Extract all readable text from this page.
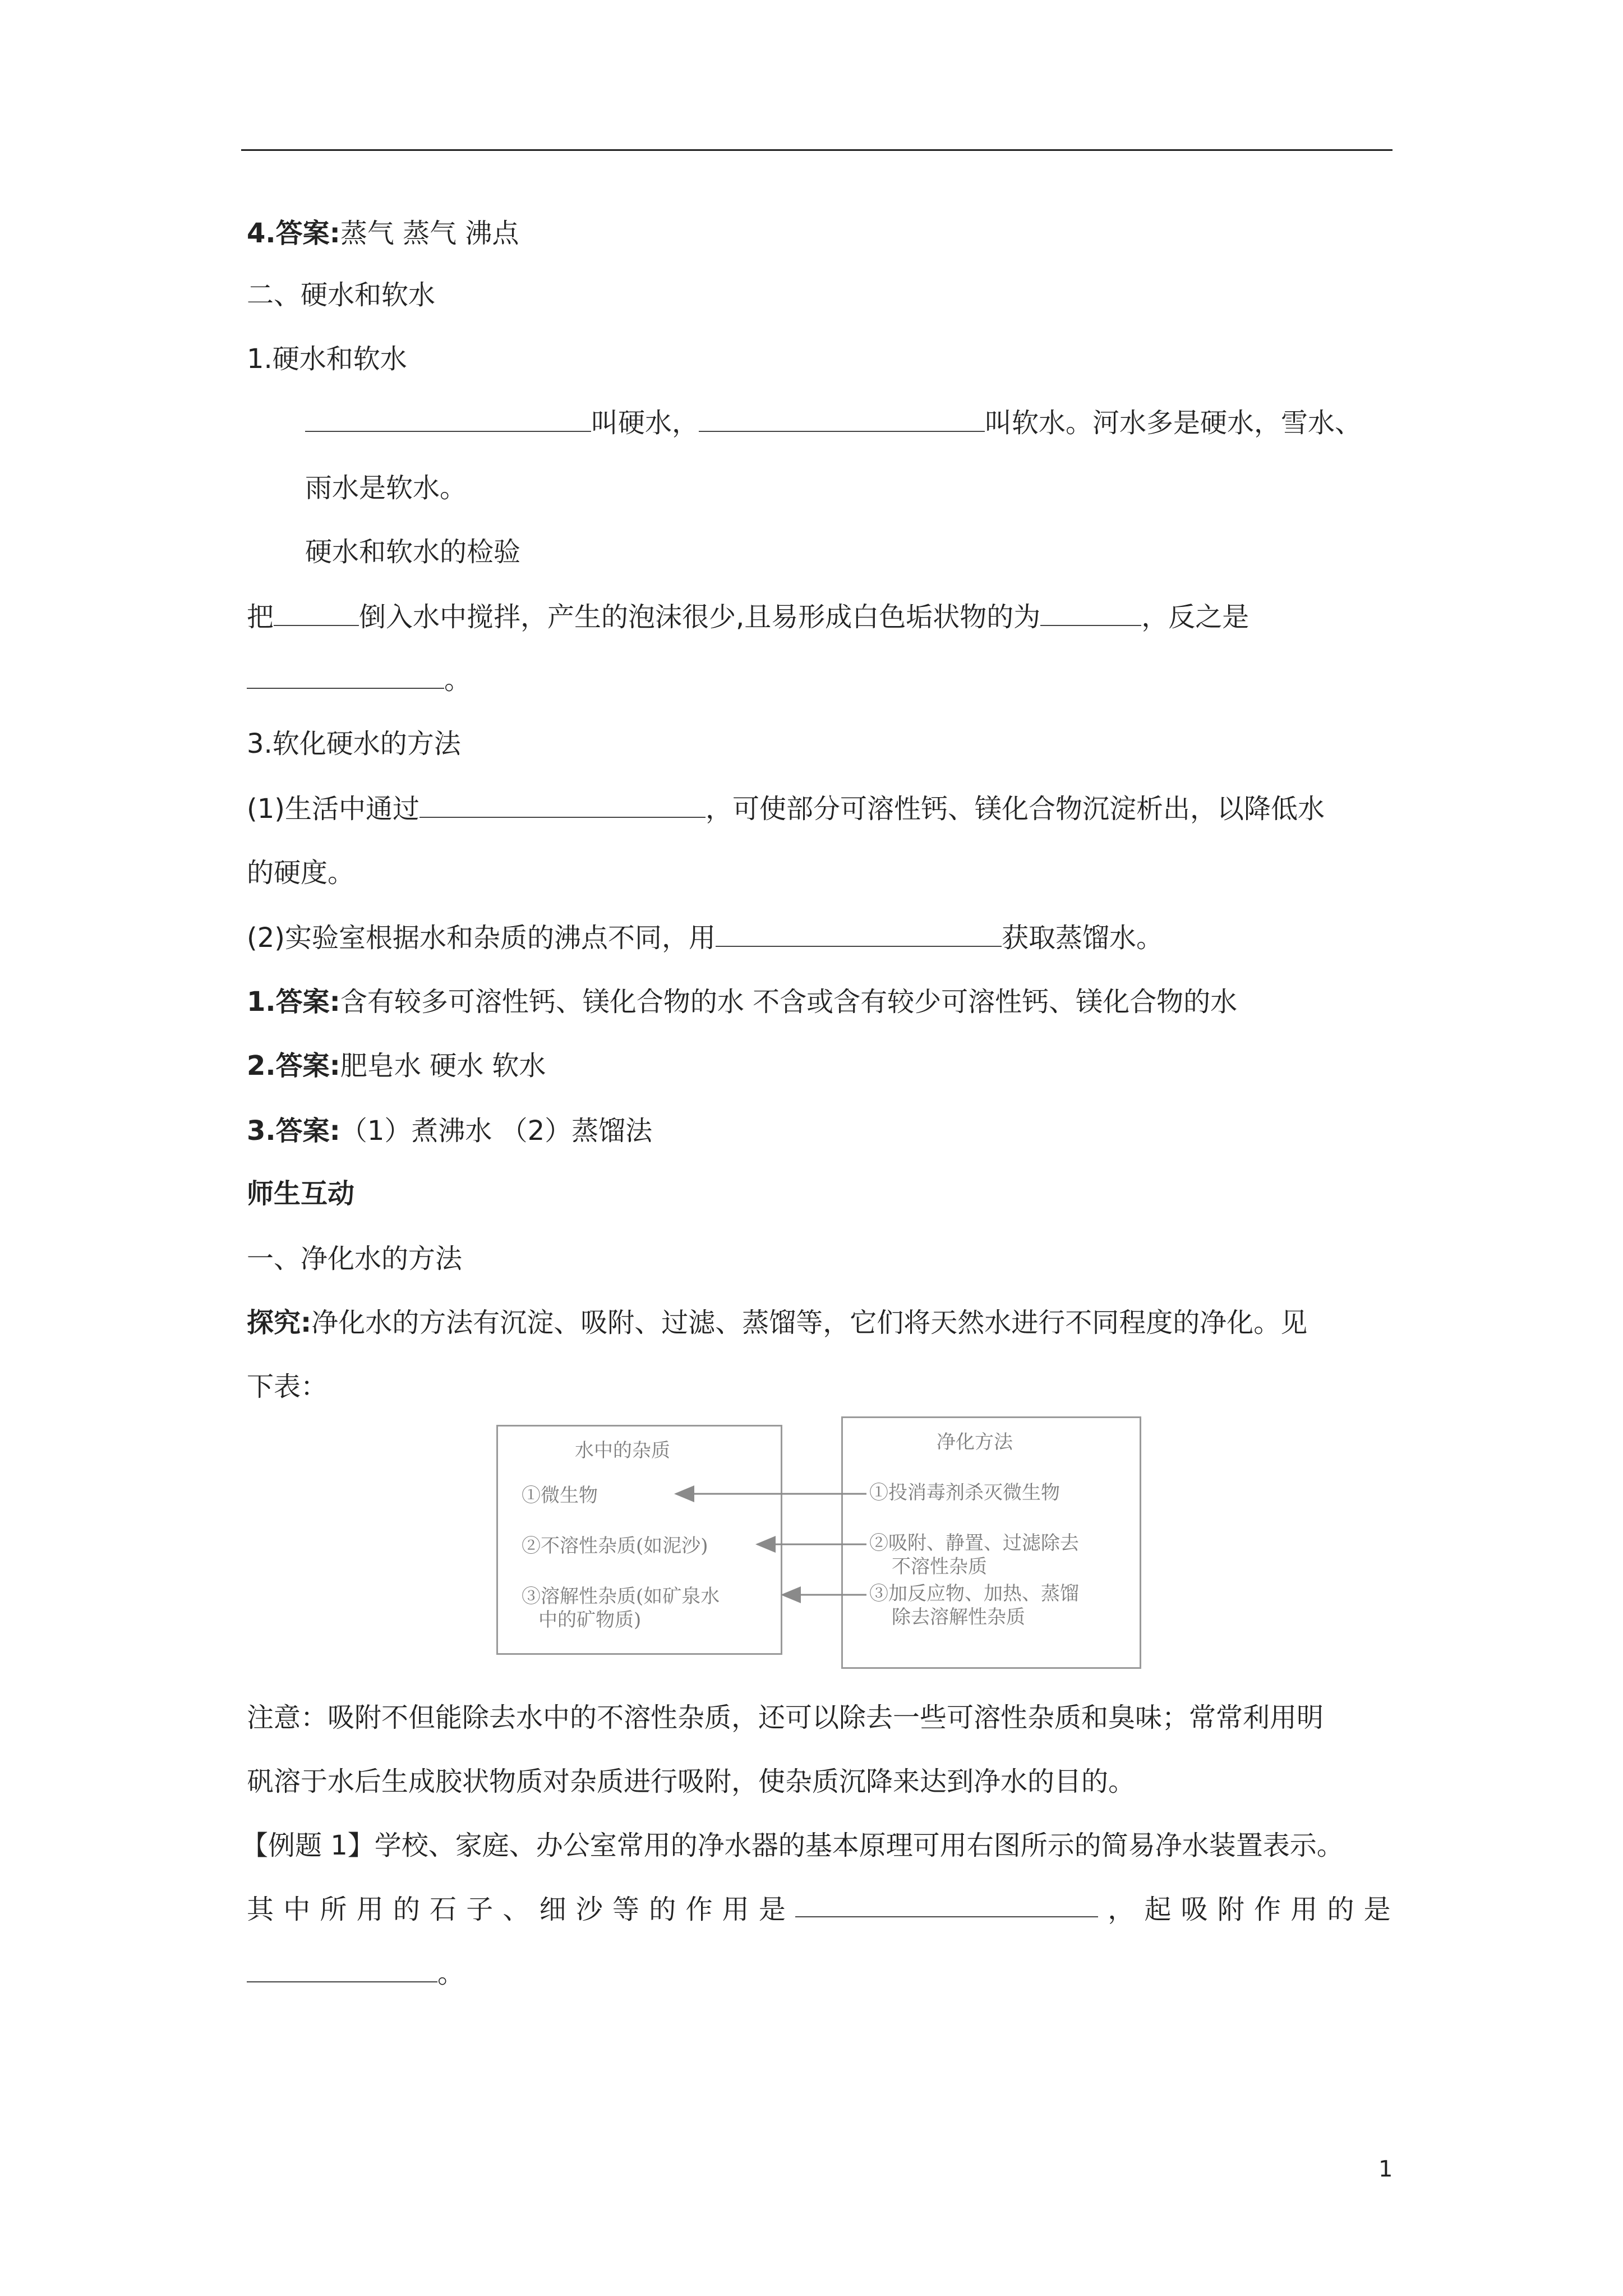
4.答案:蒸气 蒸气 沸点
二、硬水和软水
1.硬水和软水
叫硬水，	叫软水。河水多是硬水，雪水、
雨水是软水。
硬水和软水的检验
把	倒入水中搅拌，产生的泡沫很少,且易形成白色垢状物的为	，反之是
。
3.软化硬水的方法
(1)生活中通过	，可使部分可溶性钙、镁化合物沉淀析出，以降低水
的硬度。
(2)实验室根据水和杂质的沸点不同，用	获取蒸馏水。
1.答案:含有较多可溶性钙、镁化合物的水 不含或含有较少可溶性钙、镁化合物的水
2.答案:肥皂水 硬水 软水
3.答案:（1）煮沸水 （2）蒸馏法
师生互动
一、净化水的方法
探究:净化水的方法有沉淀、吸附、过滤、蒸馏等，它们将天然水进行不同程度的净化。见
下表：
水中的杂质
①微生物
②不溶性杂质(如泥沙)
③溶解性杂质(如矿泉水
中的矿物质)
净化方法
①投消毒剂杀灭微生物
②吸附、静置、过滤除去
不溶性杂质
③加反应物、加热、蒸馏
除去溶解性杂质
注意：吸附不但能除去水中的不溶性杂质，还可以除去一些可溶性杂质和臭味；常常利用明
矾溶于水后生成胶状物质对杂质进行吸附，使杂质沉降来达到净水的目的。
【例题 1】学校、家庭、办公室常用的净水器的基本原理可用右图所示的简易净水装置表示。
其 中 所 用 的 石 子 、 细 沙 等 的 作 用 是	， 起 吸 附 作 用 的 是
。
1
